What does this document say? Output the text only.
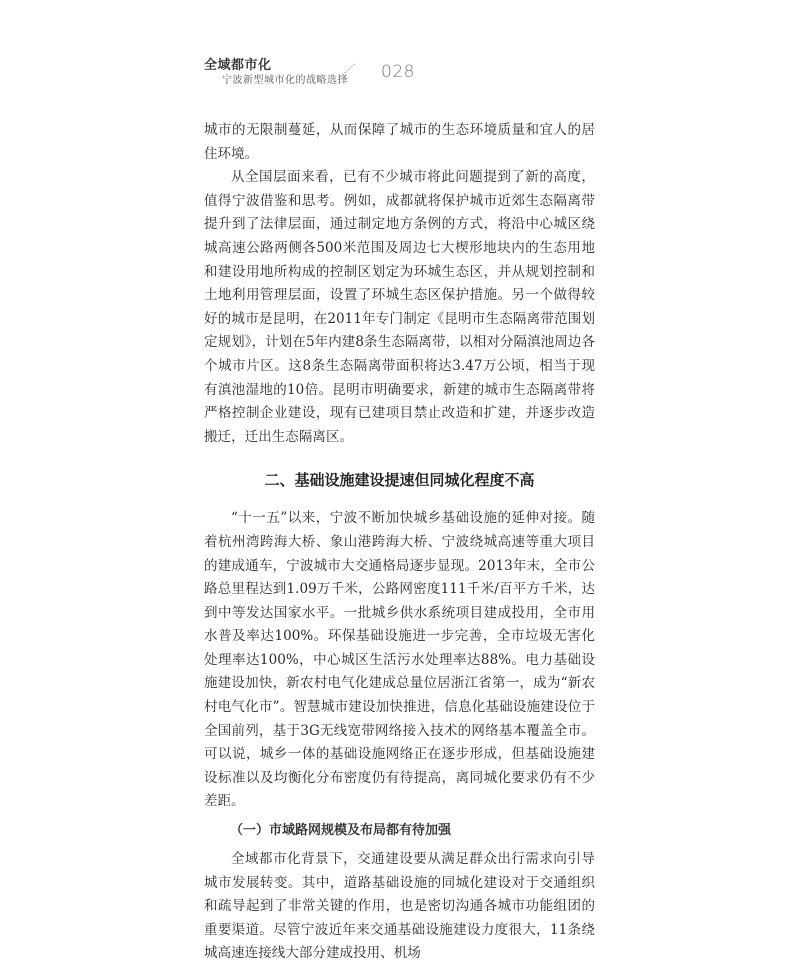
全域都市化
宁波新型城市化的战略选择 028

城市的无限制蔓延，从而保障了城市的生态环境质量和宜人的居住环境。

从全国层面来看，已有不少城市将此问题提到了新的高度，值得宁波借鉴和思考。例如，成都就将保护城市近郊生态隔离带提升到了法律层面，通过制定地方条例的方式，将沿中心城区绕城高速公路两侧各500米范围及周边七大楔形地块内的生态用地和建设用地所构成的控制区划定为环城生态区，并从规划控制和土地利用管理层面，设置了环城生态区保护措施。另一个做得较好的城市是昆明，在2011年专门制定《昆明市生态隔离带范围划定规划》，计划在5年内建8条生态隔离带，以相对分隔滇池周边各个城市片区。这8条生态隔离带面积将达3.47万公顷，相当于现有滇池湿地的10倍。昆明市明确要求，新建的城市生态隔离带将严格控制企业建设，现有已建项目禁止改造和扩建，并逐步改造搬迁，迁出生态隔离区。

二、基础设施建设提速但同城化程度不高

“十一五”以来，宁波不断加快城乡基础设施的延伸对接。随着杭州湾跨海大桥、象山港跨海大桥、宁波绕城高速等重大项目的建成通车，宁波城市大交通格局逐步显现。2013年末，全市公路总里程达到1.09万千米，公路网密度111千米/百平方千米，达到中等发达国家水平。一批城乡供水系统项目建成投用，全市用水普及率达100%。环保基础设施进一步完善，全市垃圾无害化处理率达100%，中心城区生活污水处理率达88%。电力基础设施建设加快，新农村电气化建成总量位居浙江省第一，成为“新农村电气化市”。智慧城市建设加快推进，信息化基础设施建设位于全国前列，基于3G无线宽带网络接入技术的网络基本覆盖全市。可以说，城乡一体的基础设施网络正在逐步形成，但基础设施建设标准以及均衡化分布密度仍有待提高，离同城化要求仍有不少差距。

（一）市域路网规模及布局都有待加强

全域都市化背景下，交通建设要从满足群众出行需求向引导城市发展转变。其中，道路基础设施的同城化建设对于交通组织和疏导起到了非常关键的作用，也是密切沟通各城市功能组团的重要渠道。尽管宁波近年来交通基础设施建设力度很大，11条绕城高速连接线大部分建成投用、机场
